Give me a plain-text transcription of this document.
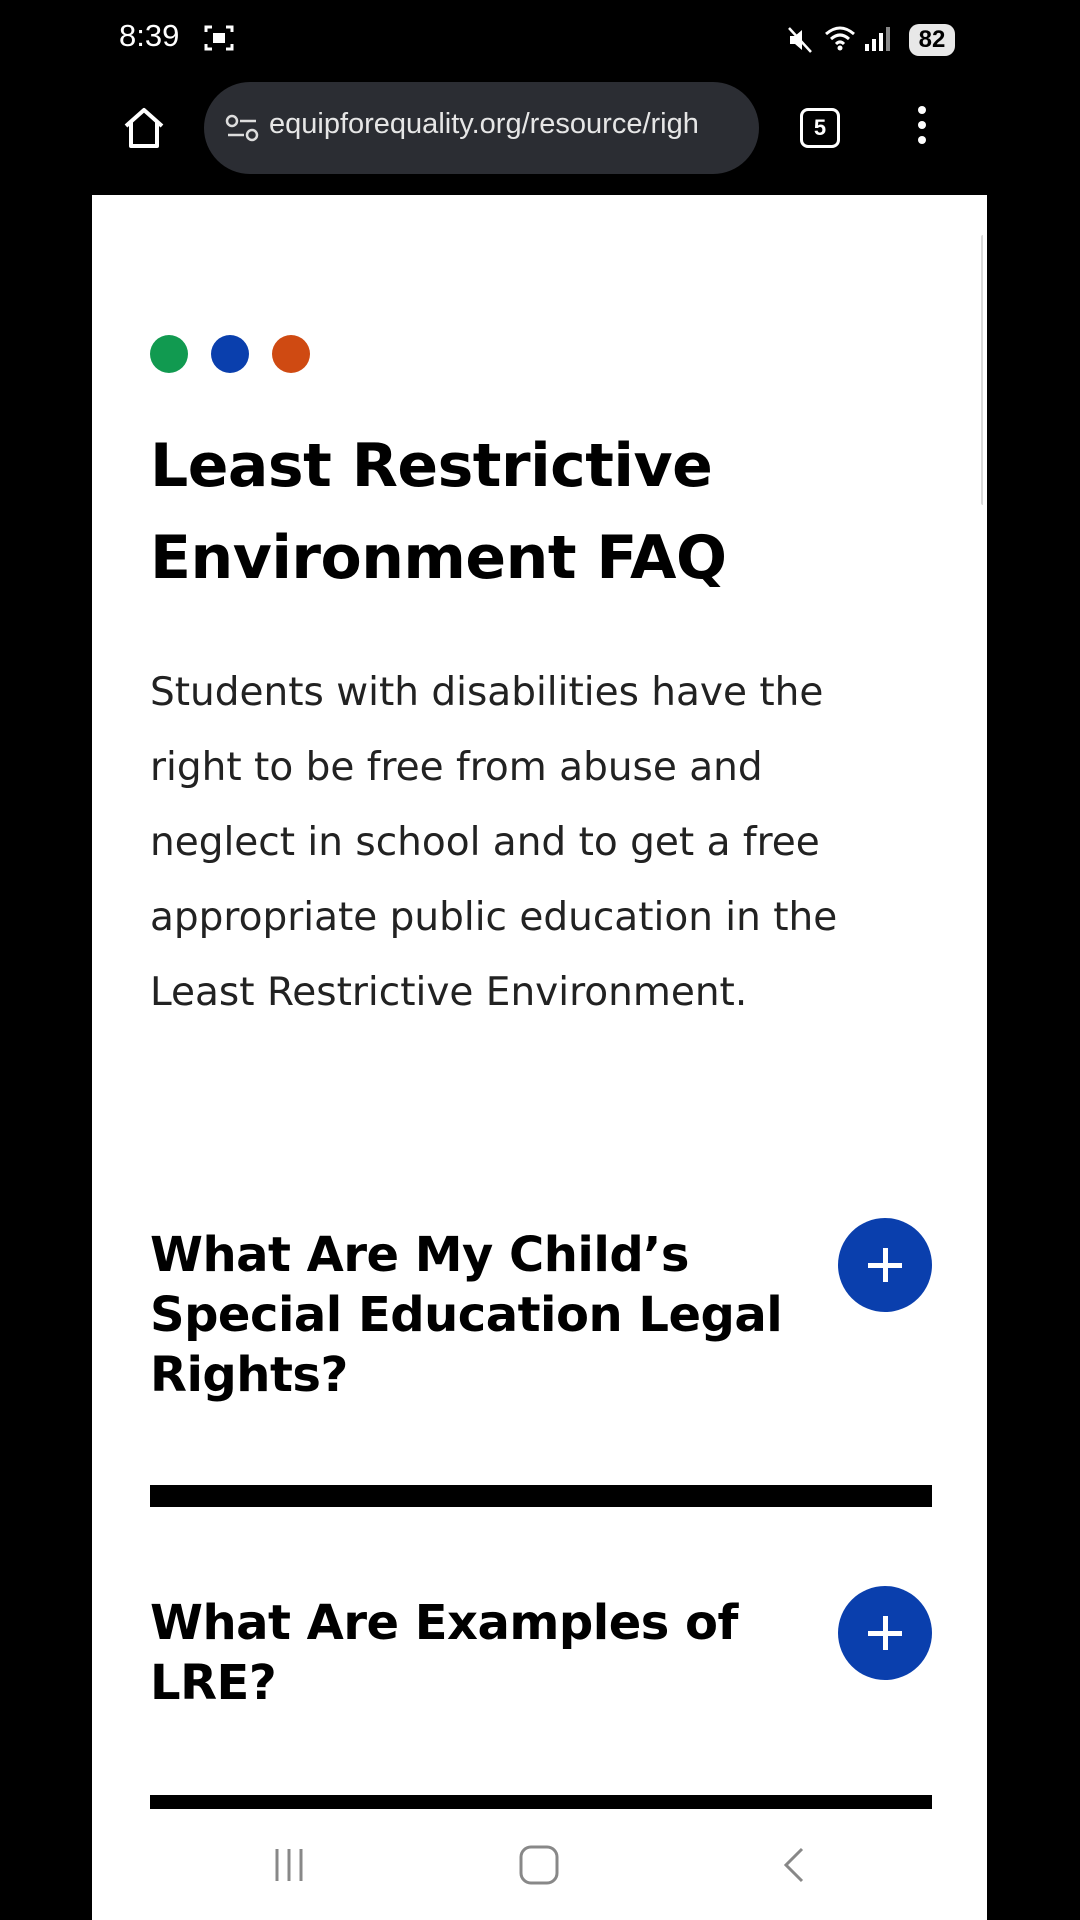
8:39	82
equipforequality.org/resource/righ	5
Least Restrictive
Environment FAQ

Students with disabilities have the
right to be free from abuse and
neglect in school and to get a free
appropriate public education in the
Least Restrictive Environment.

What Are My Child’s
Special Education Legal
Rights?
What Are Examples of
LRE?
